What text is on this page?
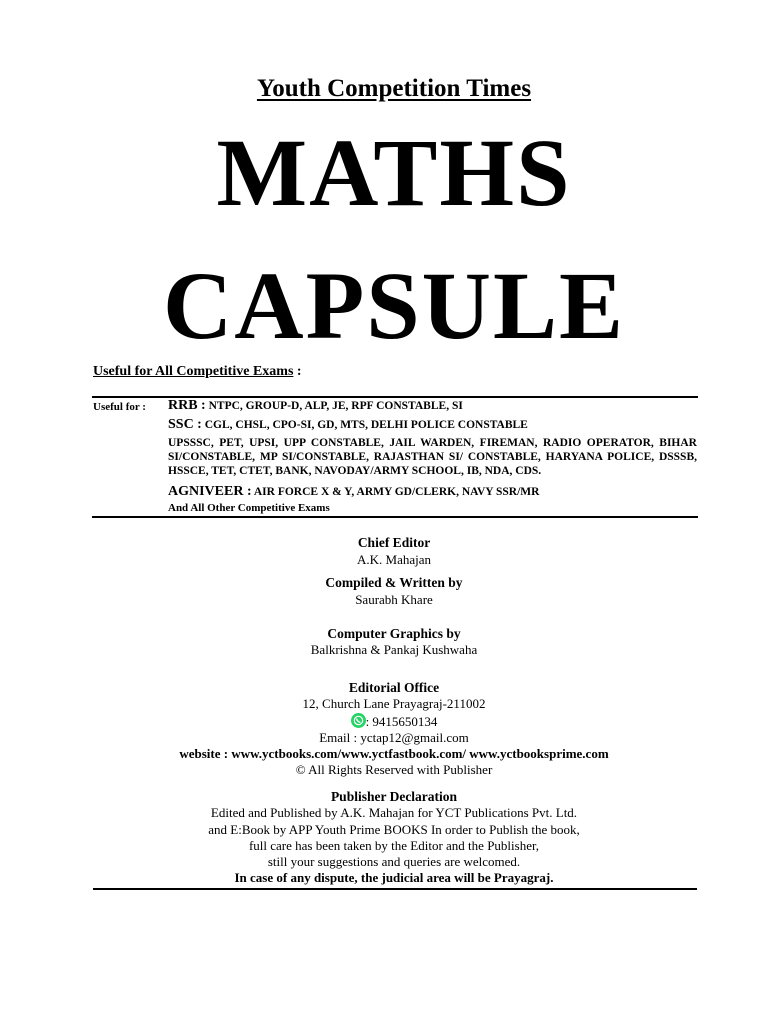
Youth Competition Times
MATHS
CAPSULE
Useful for All Competitive Exams :
Useful for : RRB : NTPC, GROUP-D, ALP, JE, RPF CONSTABLE, SI
SSC : CGL, CHSL, CPO-SI, GD, MTS, DELHI POLICE CONSTABLE
UPSSSC, PET, UPSI, UPP CONSTABLE, JAIL WARDEN, FIREMAN, RADIO OPERATOR, BIHAR SI/CONSTABLE, MP SI/CONSTABLE, RAJASTHAN SI/ CONSTABLE, HARYANA POLICE, DSSSB, HSSCE, TET, CTET, BANK, NAVODAY/ARMY SCHOOL, IB, NDA, CDS.
AGNIVEER : AIR FORCE X & Y, ARMY GD/CLERK, NAVY SSR/MR
And All Other Competitive Exams
Chief Editor
A.K. Mahajan
Compiled & Written by
Saurabh Khare
Computer Graphics by
Balkrishna & Pankaj Kushwaha
Editorial Office
12, Church Lane Prayagraj-211002
: 9415650134
Email : yctap12@gmail.com
website : www.yctbooks.com/www.yctfastbook.com/ www.yctbooksprime.com
© All Rights Reserved with Publisher
Publisher Declaration
Edited and Published by A.K. Mahajan for YCT Publications Pvt. Ltd.
and E:Book by APP Youth Prime BOOKS In order to Publish the book,
full care has been taken by the Editor and the Publisher,
still your suggestions and queries are welcomed.
In case of any dispute, the judicial area will be Prayagraj.
